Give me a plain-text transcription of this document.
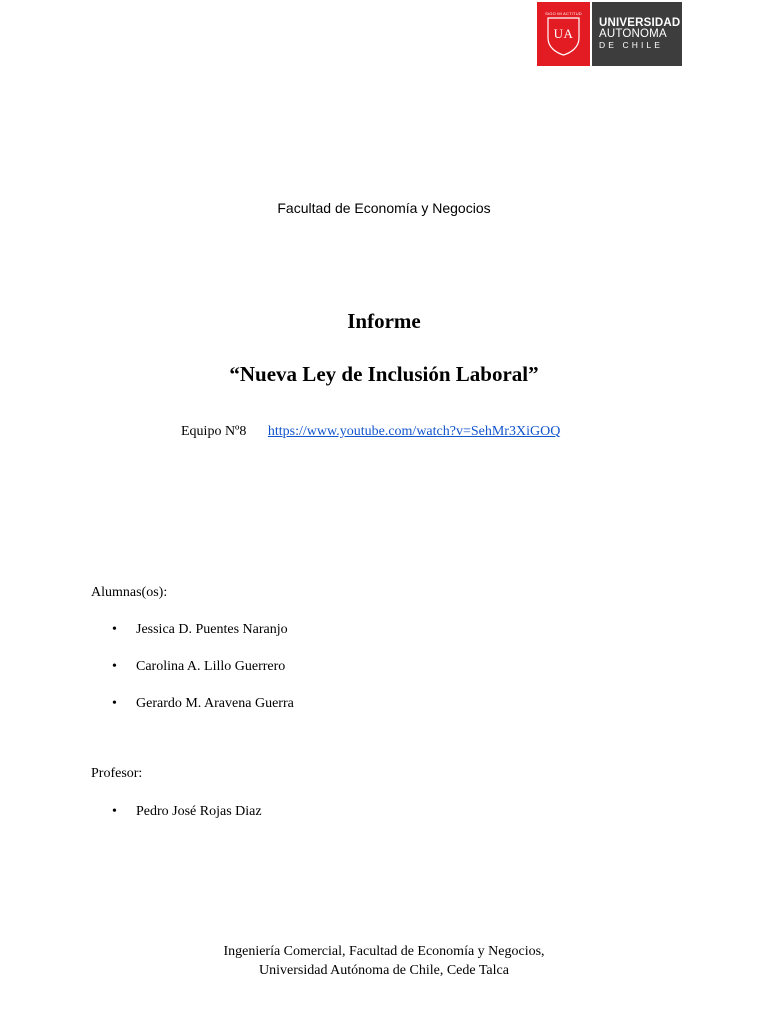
SIGO MI ACTITUD
UA
UNIVERSIDAD
AUTONOMA
DE CHILE
Facultad de Economía y Negocios
Informe
“Nueva Ley de Inclusión Laboral”
Equipo Nº8 https://www.youtube.com/watch?v=SehMr3XiGOQ
Alumnas(os):
•	Jessica D. Puentes Naranjo
•	Carolina A. Lillo Guerrero
•	Gerardo M. Aravena Guerra
Profesor:
•	Pedro José Rojas Diaz
Ingeniería Comercial, Facultad de Economía y Negocios,
Universidad Autónoma de Chile, Cede Talca
